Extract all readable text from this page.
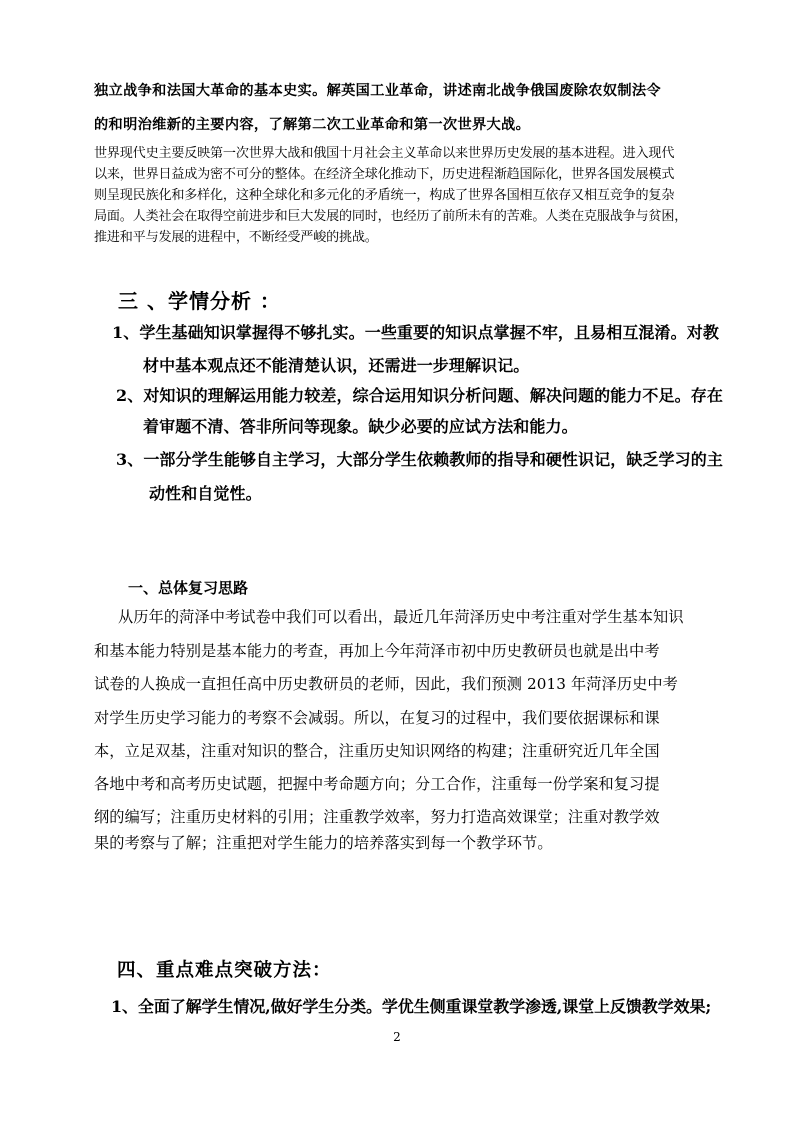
独立战争和法国大革命的基本史实。解英国工业革命，讲述南北战争俄国废除农奴制法令
的和明治维新的主要内容，了解第二次工业革命和第一次世界大战。
世界现代史主要反映第一次世界大战和俄国十月社会主义革命以来世界历史发展的基本进程。进入现代
以来，世界日益成为密不可分的整体。在经济全球化推动下，历史进程渐趋国际化，世界各国发展模式
则呈现民族化和多样化，这种全球化和多元化的矛盾统一，构成了世界各国相互依存又相互竞争的复杂
局面。人类社会在取得空前进步和巨大发展的同时，也经历了前所未有的苦难。人类在克服战争与贫困，
推进和平与发展的进程中，不断经受严峻的挑战。
三 、学情分析 ：
1、学生基础知识掌握得不够扎实。一些重要的知识点掌握不牢，且易相互混淆。对教
材中基本观点还不能清楚认识，还需进一步理解识记。
2、对知识的理解运用能力较差，综合运用知识分析问题、解决问题的能力不足。存在
着审题不清、答非所问等现象。缺少必要的应试方法和能力。
3、一部分学生能够自主学习，大部分学生依赖教师的指导和硬性识记，缺乏学习的主
动性和自觉性。
一、总体复习思路
从历年的菏泽中考试卷中我们可以看出，最近几年菏泽历史中考注重对学生基本知识
和基本能力特别是基本能力的考查，再加上今年菏泽市初中历史教研员也就是出中考
试卷的人换成一直担任高中历史教研员的老师，因此，我们预测 2013 年菏泽历史中考
对学生历史学习能力的考察不会减弱。所以，在复习的过程中，我们要依据课标和课
本，立足双基，注重对知识的整合，注重历史知识网络的构建；注重研究近几年全国
各地中考和高考历史试题，把握中考命题方向；分工合作，注重每一份学案和复习提
纲的编写；注重历史材料的引用；注重教学效率，努力打造高效课堂；注重对教学效
果的考察与了解；注重把对学生能力的培养落实到每一个教学环节。
四、重点难点突破方法：
1、全面了解学生情况,做好学生分类。学优生侧重课堂教学渗透,课堂上反馈教学效果;
2
